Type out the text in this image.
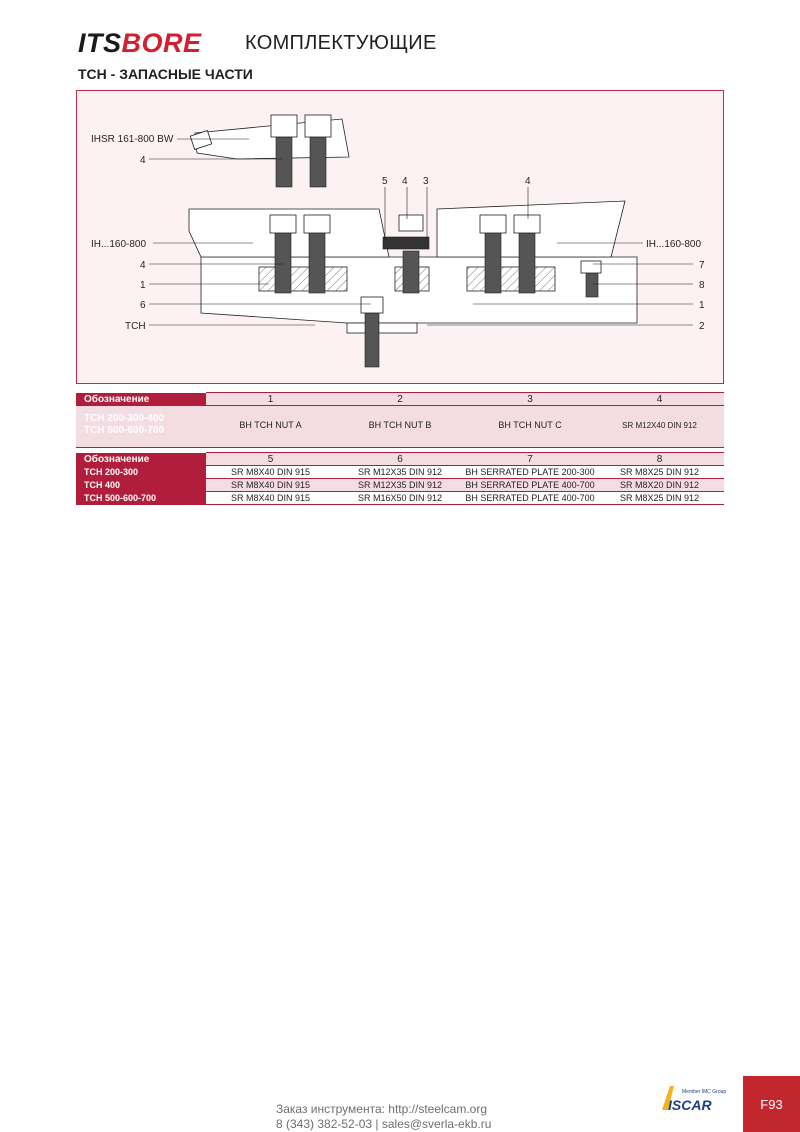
ITSBORE КОМПЛЕКТУЮЩИЕ
TCH - ЗАПАСНЫЕ ЧАСТИ
IHSR 161-800 BW
4
IH...160-800
4
1
6
TCH
5 4 3	4
IH...160-800
7
8
1
2
Обозначение	1	2	3	4

TCH 200-300-400
TCH 500-600-700	BH TCH NUT A	BH TCH NUT B	BH TCH NUT C	SR M12X40 DIN 912

Обозначение	5	6	7	8
TCH 200-300	SR M8X40 DIN 915	SR M12X35 DIN 912	BH SERRATED PLATE 200-300	SR M8X25 DIN 912
TCH 400	SR M8X40 DIN 915	SR M12X35 DIN 912	BH SERRATED PLATE 400-700	SR M8X20 DIN 912
TCH 500-600-700	SR M8X40 DIN 915	SR M16X50 DIN 912	BH SERRATED PLATE 400-700	SR M8X25 DIN 912
Заказ инструмента: http://steelcam.org
8 (343) 382-52-03 | sales@sverla-ekb.ru
Member IMC Group
ISCAR	F93
